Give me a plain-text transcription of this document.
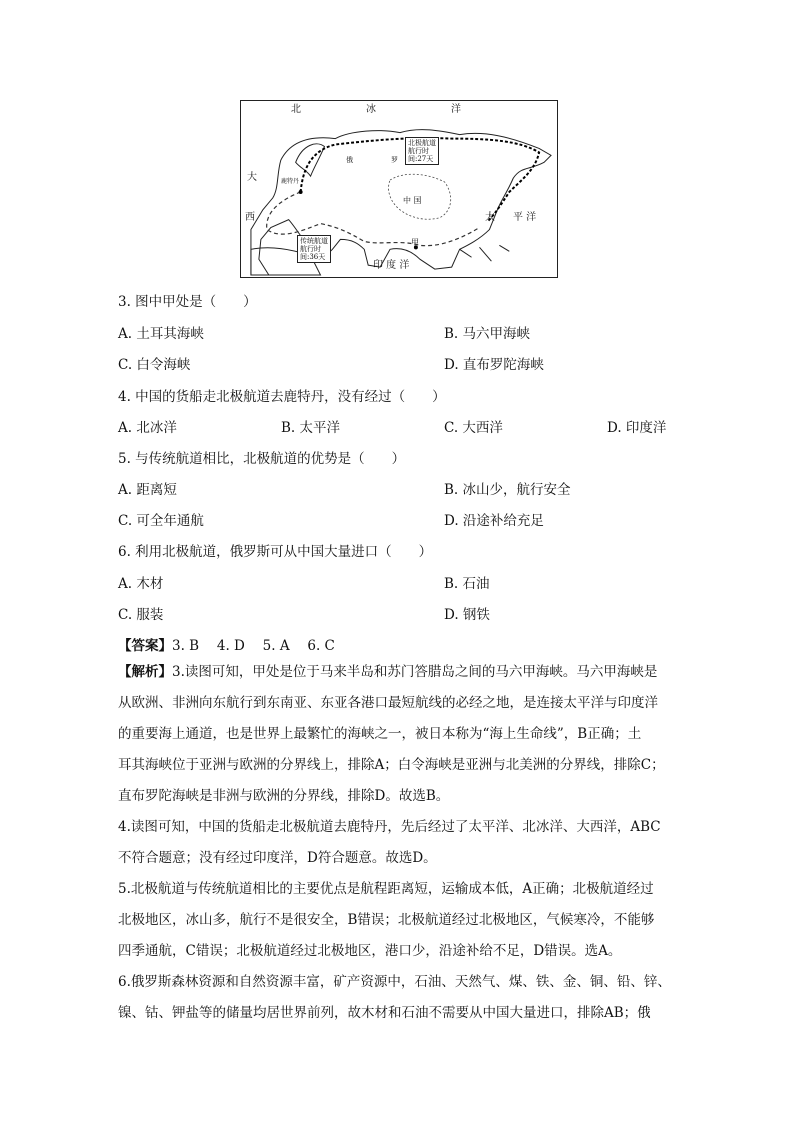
北	冰	洋
大
西
俄	罗
鹿特丹
中 国
太 平 洋
甲
印 度 洋
北极航道
航行时
间:27天
传统航道
航行时
间:36天
3. 图中甲处是（　　）
A. 土耳其海峡	B. 马六甲海峡
C. 白令海峡	D. 直布罗陀海峡
4. 中国的货船走北极航道去鹿特丹，没有经过（　　）
A. 北冰洋	B. 太平洋	C. 大西洋	D. 印度洋
5. 与传统航道相比，北极航道的优势是（　　）
A. 距离短	B. 冰山少，航行安全
C. 可全年通航	D. 沿途补给充足
6. 利用北极航道，俄罗斯可从中国大量进口（　　）
A. 木材	B. 石油
C. 服装	D. 钢铁
【答案】3. B　 4. D　 5. A　 6. C
【解析】3.读图可知，甲处是位于马来半岛和苏门答腊岛之间的马六甲海峡。马六甲海峡是
从欧洲、非洲向东航行到东南亚、东亚各港口最短航线的必经之地，是连接太平洋与印度洋
的重要海上通道，也是世界上最繁忙的海峡之一，被日本称为“海上生命线”，B正确；土
耳其海峡位于亚洲与欧洲的分界线上，排除A；白令海峡是亚洲与北美洲的分界线，排除C；
直布罗陀海峡是非洲与欧洲的分界线，排除D。故选B。
4.读图可知，中国的货船走北极航道去鹿特丹，先后经过了太平洋、北冰洋、大西洋，ABC
不符合题意；没有经过印度洋，D符合题意。故选D。
5.北极航道与传统航道相比的主要优点是航程距离短，运输成本低，A正确；北极航道经过
北极地区，冰山多，航行不是很安全，B错误；北极航道经过北极地区，气候寒冷，不能够
四季通航，C错误；北极航道经过北极地区，港口少，沿途补给不足，D错误。选A。
6.俄罗斯森林资源和自然资源丰富，矿产资源中，石油、天然气、煤、铁、金、铜、铅、锌、
镍、钴、钾盐等的储量均居世界前列，故木材和石油不需要从中国大量进口，排除AB；俄
